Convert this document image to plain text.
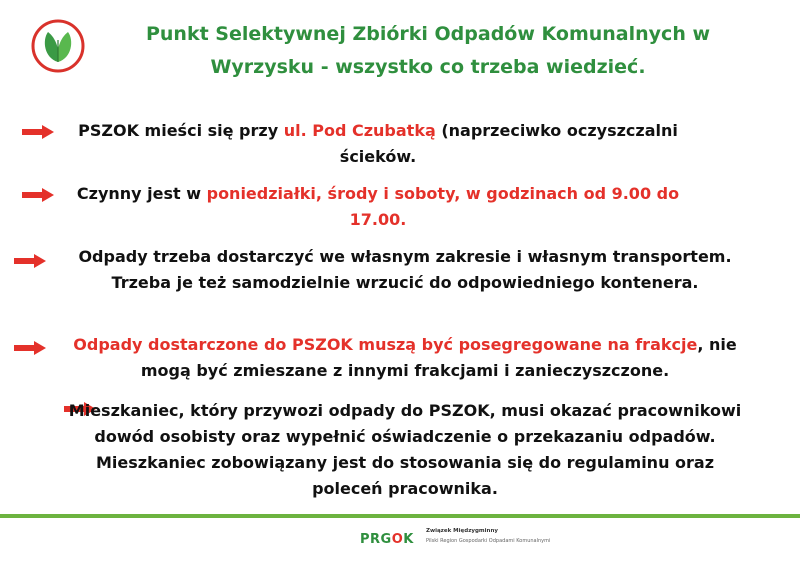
Punkt Selektywnej Zbiórki Odpadów Komunalnych w Wyrzysku - wszystko co trzeba wiedzieć.
PSZOK mieści się przy ul. Pod Czubatką (naprzeciwko oczyszczalni ścieków.
Czynny jest w poniedziałki, środy i soboty, w godzinach od 9.00 do 17.00.
Odpady trzeba dostarczyć we własnym zakresie i własnym transportem. Trzeba je też samodzielnie wrzucić do odpowiedniego kontenera.
Odpady dostarczone do PSZOK muszą być posegregowane na frakcje, nie mogą być zmieszane z innymi frakcjami i zanieczyszczone.
Mieszkaniec, który przywozi odpady do PSZOK, musi okazać pracownikowi dowód osobisty oraz wypełnić oświadczenie o przekazaniu odpadów. Mieszkaniec zobowiązany jest do stosowania się do regulaminu oraz poleceń pracownika.
PRGOK
Związek Międzygminny
Pilski Region Gospodarki Odpadami Komunalnymi
